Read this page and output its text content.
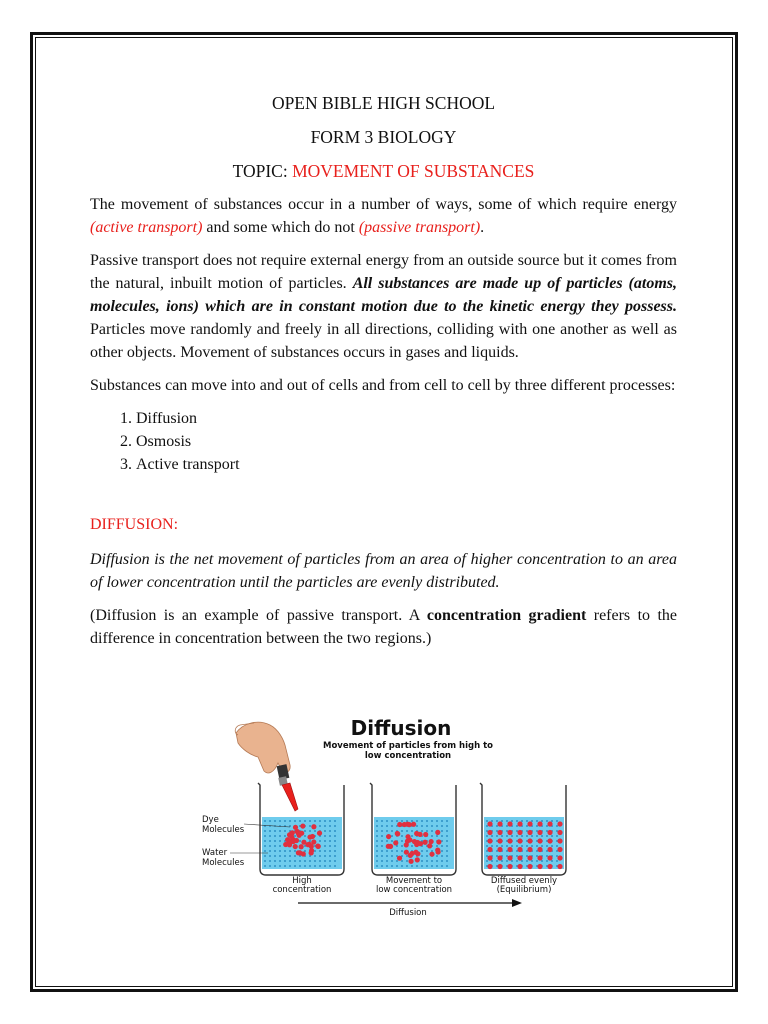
OPEN BIBLE HIGH SCHOOL
FORM 3 BIOLOGY
TOPIC: MOVEMENT OF SUBSTANCES

The movement of substances occur in a number of ways, some of which require energy (active transport) and some which do not (passive transport).

Passive transport does not require external energy from an outside source but it comes from the natural, inbuilt motion of particles. All substances are made up of particles (atoms, molecules, ions) which are in constant motion due to the kinetic energy they possess. Particles move randomly and freely in all directions, colliding with one another as well as other objects. Movement of substances occurs in gases and liquids.

Substances can move into and out of cells and from cell to cell by three different processes:

1. Diffusion
2. Osmosis
3. Active transport
DIFFUSION:

Diffusion is the net movement of particles from an area of higher concentration to an area of lower concentration until the particles are evenly distributed.

(Diffusion is an example of passive transport. A concentration gradient refers to the difference in concentration between the two regions.)

Diffusion
Movement of particles from high to
low concentration
Dye
Molecules
Water
Molecules
High
concentration
Movement to
low concentration
Diffused evenly
(Equilibrium)
Diffusion
